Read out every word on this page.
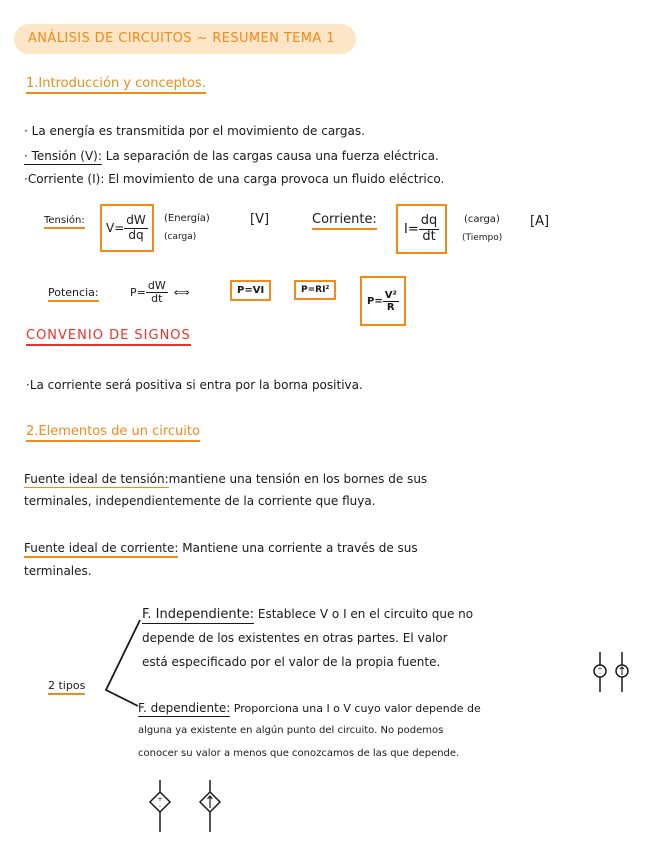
ANÁLISIS DE CIRCUITOS ~ RESUMEN TEMA 1
1.Introducción y conceptos.
· La energía es transmitida por el movimiento de cargas.
· Tensión (V): La separación de las cargas causa una fuerza eléctrica.
·Corriente (I): El movimiento de una carga provoca un fluido eléctrico.
Tensión:
$V= \frac{dW}{dq}$ (Energía)
(carga)
[V]	Corriente:
$I= \frac{dq}{dt}$ (carga)
(Tiempo)
[A]
Potencia:	$P= \frac{dW}{dt}$ ⟺	P=VI	P=RI²
$P= \frac{\text{V²}}{R}$
CONVENIO DE SIGNOS
·La corriente será positiva si entra por la borna positiva.
2.Elementos de un circuito
Fuente ideal de tensión:mantiene una tensión en los bornes de sus
terminales, independientemente de la corriente que fluya.
Fuente ideal de corriente: Mantiene una corriente a través de sus
terminales.
2 tipos
F. Independiente: Establece V o I en el circuito que no
depende de los existentes en otras partes. El valor
está especificado por el valor de la propia fuente.	+
-
F. dependiente: Proporciona una I o V cuyo valor depende de
alguna ya existente en algún punto del circuito. No podemos
conocer su valor a menos que conozcamos de las que depende.
+
-
